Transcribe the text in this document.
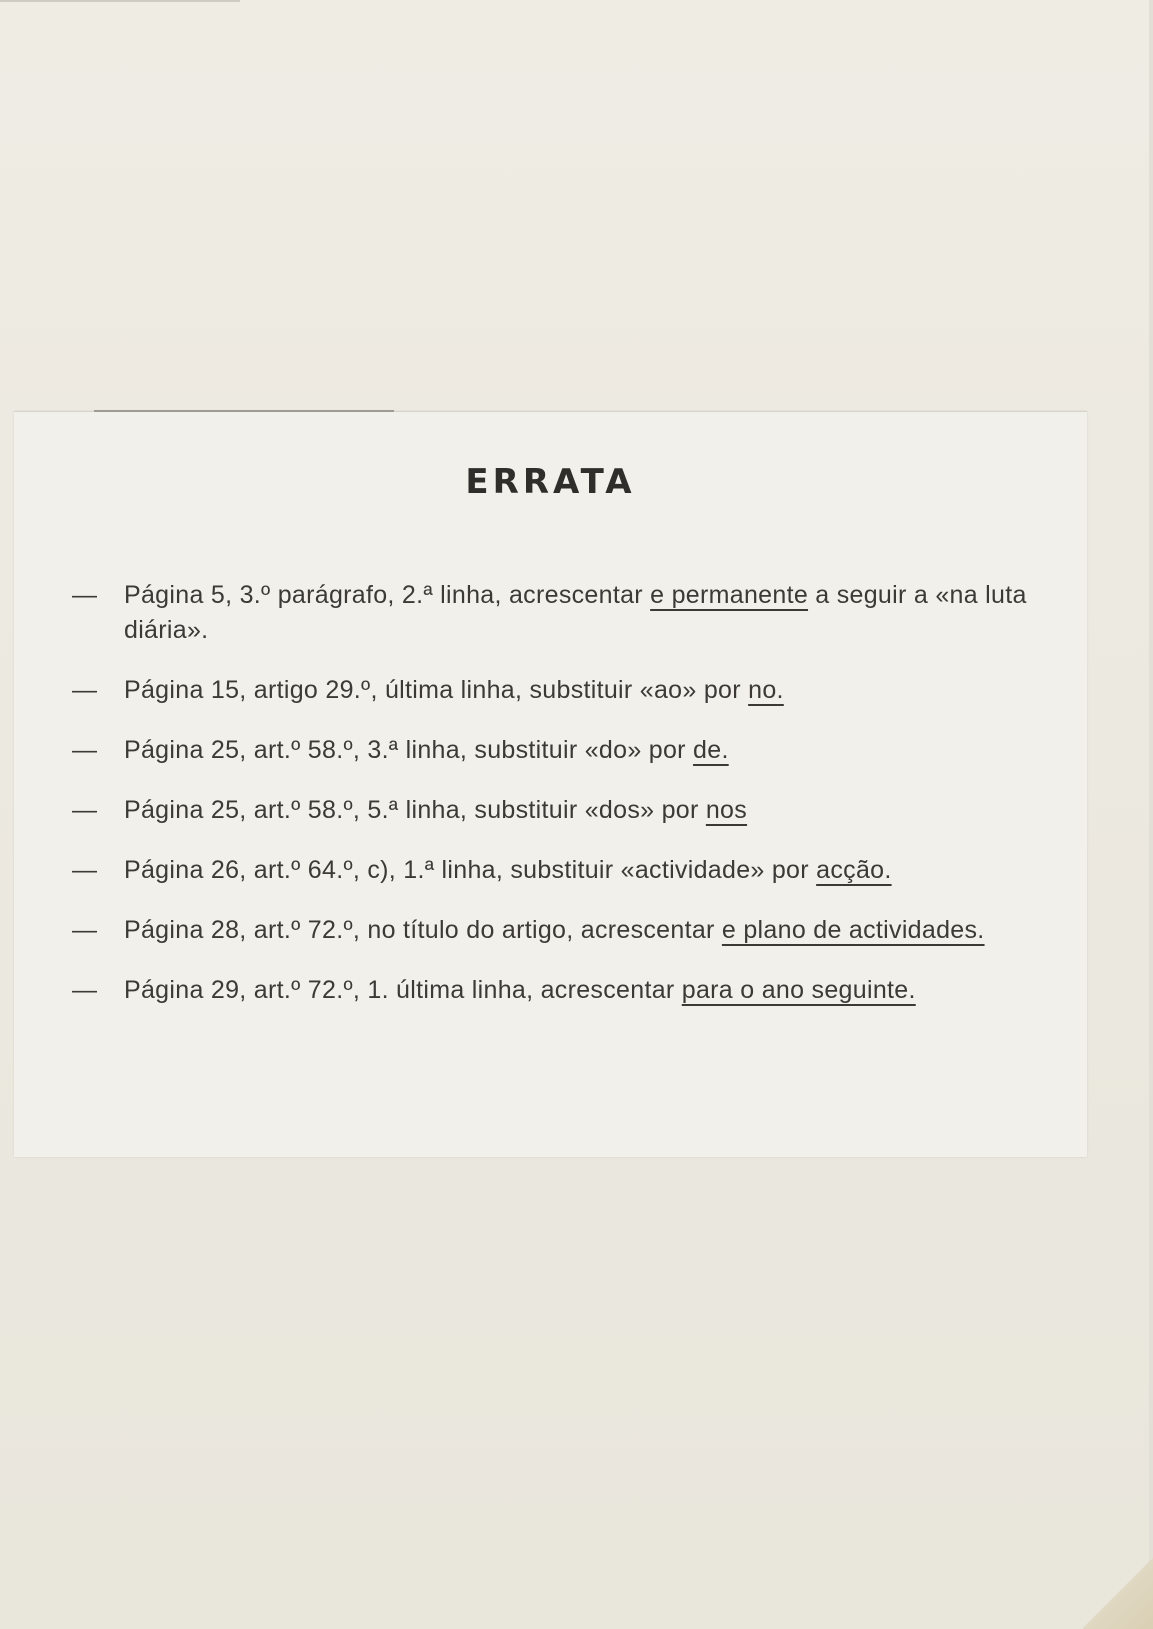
ERRATA
— Página 5, 3.º parágrafo, 2.ª linha, acrescentar e permanente a seguir a «na luta diária».
— Página 15, artigo 29.º, última linha, substituir «ao» por no.
— Página 25, art.º 58.º, 3.ª linha, substituir «do» por de.
— Página 25, art.º 58.º, 5.ª linha, substituir «dos» por nos
— Página 26, art.º 64.º, c), 1.ª linha, substituir «actividade» por acção.
— Página 28, art.º 72.º, no título do artigo, acrescentar e plano de actividades.
— Página 29, art.º 72.º, 1. última linha, acrescentar para o ano seguinte.
